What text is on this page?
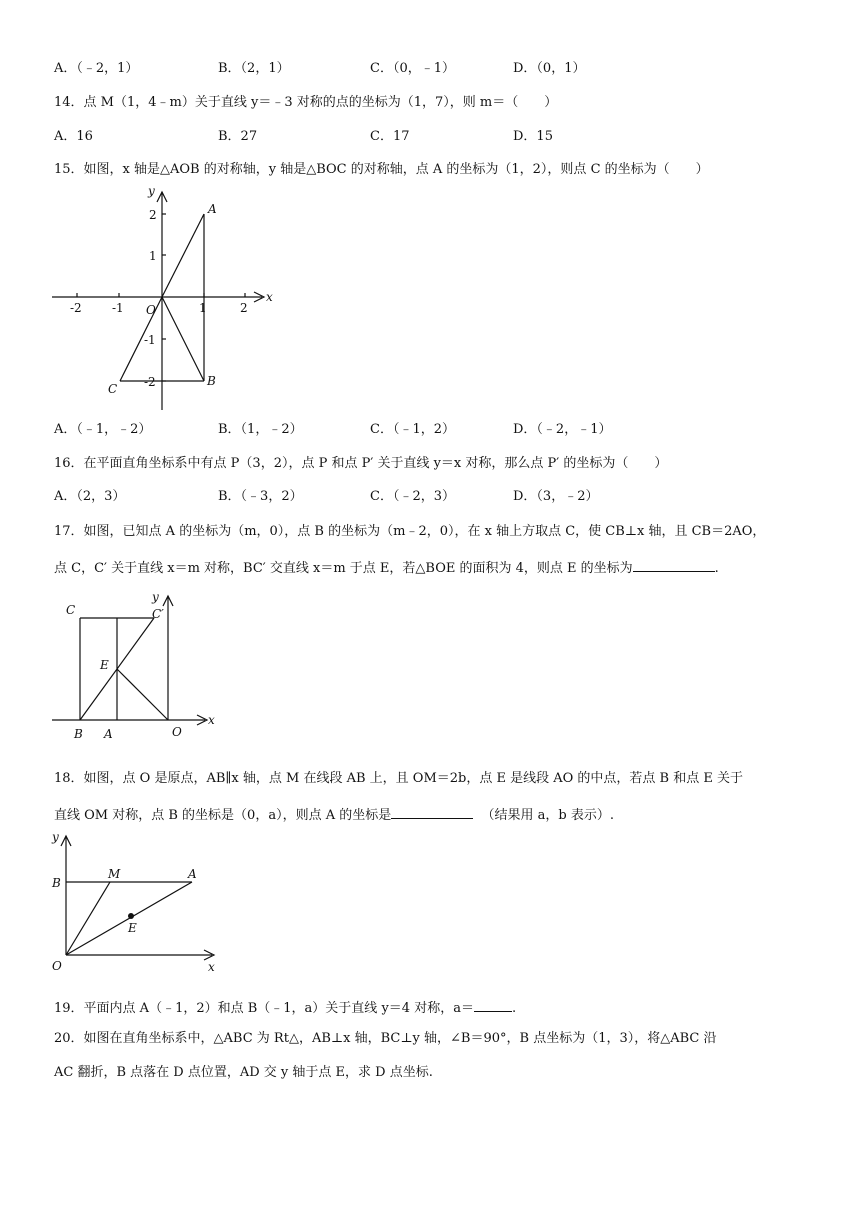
A．（﹣2，1）	B．（2，1）	C．（0，﹣1）	D．（0，1）
14．点 M（1，4﹣m）关于直线 y＝﹣3 对称的点的坐标为（1，7），则 m＝（　　）
A．16	B．27	C．17	D．15
15．如图，x 轴是△AOB 的对称轴，y 轴是△BOC 的对称轴，点 A 的坐标为（1，2），则点 C 的坐标为（　　）
x
y
-2	-1	1	2
2
1
-1
-2
A
B
C
O
A．（﹣1，﹣2）	B．（1，﹣2）	C．（﹣1，2）	D．（﹣2，﹣1）
16．在平面直角坐标系中有点 P（3，2），点 P 和点 P′ 关于直线 y＝x 对称，那么点 P′ 的坐标为（　　）
A．（2，3）	B．（﹣3，2）	C．（﹣2，3）	D．（3，﹣2）
17．如图，已知点 A 的坐标为（m，0），点 B 的坐标为（m﹣2，0），在 x 轴上方取点 C，使 CB⊥x 轴，且 CB＝2AO，
点 C，C′ 关于直线 x＝m 对称，BC′ 交直线 x＝m 于点 E，若△BOE 的面积为 4，则点 E 的坐标为	.
x
y
C	C′
E
B A	O
18．如图，点 O 是原点，AB∥x 轴，点 M 在线段 AB 上，且 OM＝2b，点 E 是线段 AO 的中点，若点 B 和点 E 关于
直线 OM 对称，点 B 的坐标是（0，a），则点 A 的坐标是	（结果用 a，b 表示）.
x
y
B
M	A
E
O
19．平面内点 A（﹣1，2）和点 B（﹣1，a）关于直线 y＝4 对称，a＝	.
20．如图在直角坐标系中，△ABC 为 Rt△，AB⊥x 轴，BC⊥y 轴，∠B＝90°，B 点坐标为（1，3），将△ABC 沿
AC 翻折，B 点落在 D 点位置，AD 交 y 轴于点 E，求 D 点坐标.
